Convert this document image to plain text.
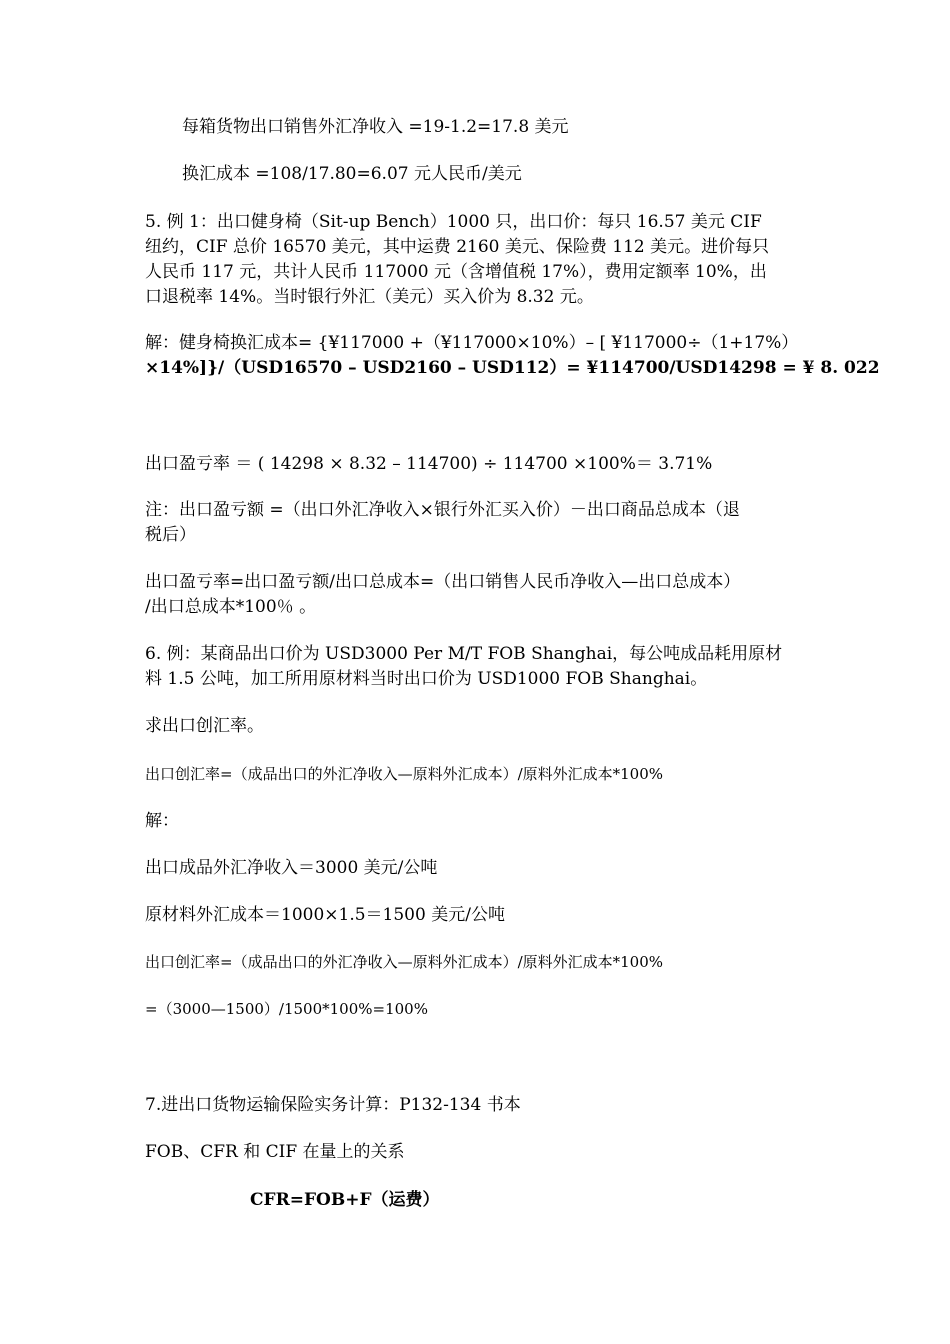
每箱货物出口销售外汇净收入 =19-1.2=17.8 美元
换汇成本 =108/17.80=6.07 元人民币/美元
5. 例 1：出口健身椅（Sit-up Bench）1000 只，出口价：每只 16.57 美元 CIF
纽约，CIF 总价 16570 美元，其中运费 2160 美元、保险费 112 美元。进价每只
人民币 117 元，共计人民币 117000 元（含增值税 17%），费用定额率 10%，出
口退税率 14%。当时银行外汇（美元）买入价为 8.32 元。
解：健身椅换汇成本= {¥117000 +（¥117000×10%）– [ ¥117000÷（1+17%）
×14%]}/（USD16570 – USD2160 – USD112）= ¥114700/USD14298 = ¥ 8. 022
出口盈亏率 ＝ ( 14298 × 8.32 – 114700) ÷ 114700 ×100%＝ 3.71%
注：出口盈亏额 =（出口外汇净收入×银行外汇买入价）－出口商品总成本（退
税后）
出口盈亏率=出口盈亏额/出口总成本=（出口销售人民币净收入—出口总成本）
/出口总成本*100％ 。
6. 例：某商品出口价为 USD3000 Per M/T FOB Shanghai，每公吨成品耗用原材
料 1.5 公吨，加工所用原材料当时出口价为 USD1000 FOB Shanghai。
求出口创汇率。
出口创汇率=（成品出口的外汇净收入—原料外汇成本）/原料外汇成本*100%
解：
出口成品外汇净收入＝3000 美元/公吨
原材料外汇成本＝1000×1.5＝1500 美元/公吨
出口创汇率=（成品出口的外汇净收入—原料外汇成本）/原料外汇成本*100%
=（3000—1500）/1500*100%=100%
7.进出口货物运输保险实务计算：P132-134 书本
FOB、CFR 和 CIF 在量上的关系
CFR=FOB+F（运费）
